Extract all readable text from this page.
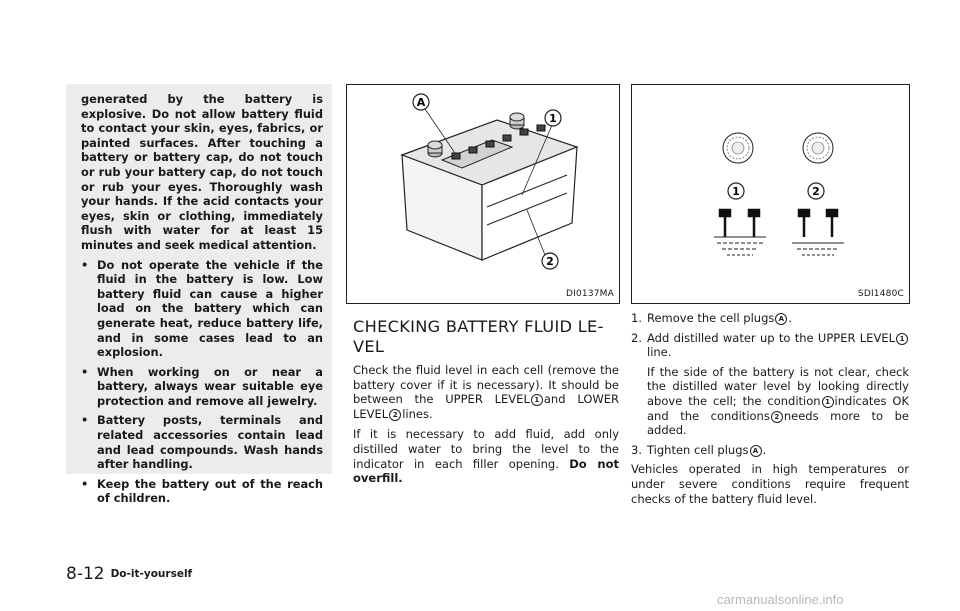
generated by the battery is explosive. Do not allow battery fluid to contact your skin, eyes, fabrics, or painted surfaces. After touching a battery or battery cap, do not touch or rub your battery cap, do not touch or rub your eyes. Thoroughly wash your hands. If the acid contacts your eyes, skin or clothing, immediately flush with water for at least 15 minutes and seek medical attention.

• Do not operate the vehicle if the fluid in the battery is low. Low battery fluid can cause a higher load on the battery which can generate heat, reduce battery life, and in some cases lead to an explosion.
• When working on or near a battery, always wear suitable eye protection and remove all jewelry.
• Battery posts, terminals and related accessories contain lead and lead compounds. Wash hands after handling.
• Keep the battery out of the reach of children.
A
1
2
DI0137MA
1	2
SDI1480C
CHECKING BATTERY FLUID LE-VEL

Check the fluid level in each cell (remove the battery cover if it is necessary). It should be between the UPPER LEVEL 1 and LOWER LEVEL 2 lines.

If it is necessary to add fluid, add only distilled water to bring the level to the indicator in each filler opening. Do not overfill.

1. Remove the cell plugs A .
2. Add distilled water up to the UPPER LEVEL 1line.
If the side of the battery is not clear, check the distilled water level by looking directly above the cell; the condition 1 indicates OK and the conditions 2 needs more to be added.
3. Tighten cell plugs A .

Vehicles operated in high temperatures or under severe conditions require frequent checks of the battery fluid level.

8-12 Do-it-yourself
carmanualsonline.info
